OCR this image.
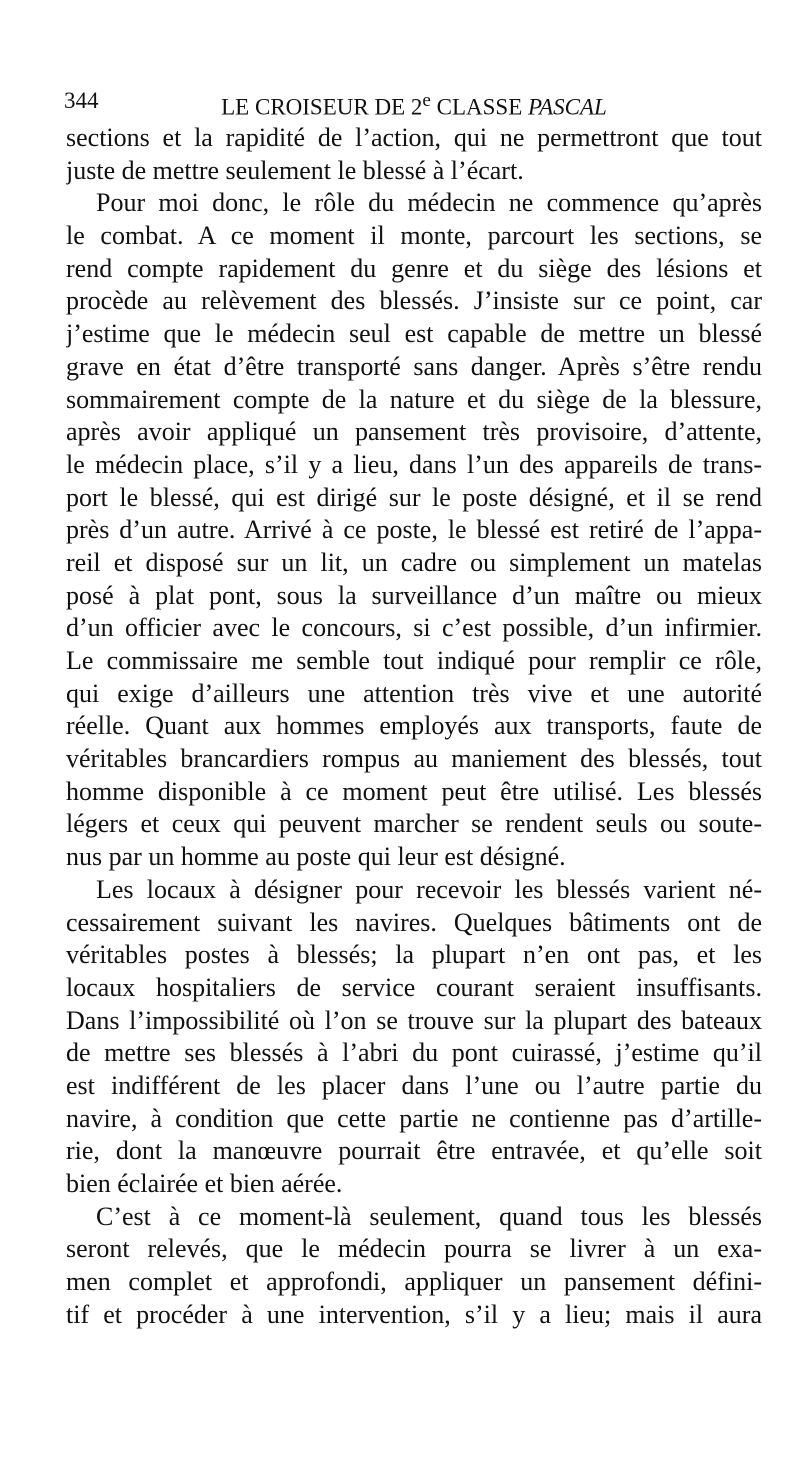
344	LE CROISEUR DE 2e CLASSE PASCAL
sections et la rapidité de l’action, qui ne permettront que tout
juste de mettre seulement le blessé à l’écart.
Pour moi donc, le rôle du médecin ne commence qu’après
le combat. A ce moment il monte, parcourt les sections, se
rend compte rapidement du genre et du siège des lésions et
procède au relèvement des blessés. J’insiste sur ce point, car
j’estime que le médecin seul est capable de mettre un blessé
grave en état d’être transporté sans danger. Après s’être rendu
sommairement compte de la nature et du siège de la blessure,
après avoir appliqué un pansement très provisoire, d’attente,
le médecin place, s’il y a lieu, dans l’un des appareils de trans-
port le blessé, qui est dirigé sur le poste désigné, et il se rend
près d’un autre. Arrivé à ce poste, le blessé est retiré de l’appa-
reil et disposé sur un lit, un cadre ou simplement un matelas
posé à plat pont, sous la surveillance d’un maître ou mieux
d’un officier avec le concours, si c’est possible, d’un infirmier.
Le commissaire me semble tout indiqué pour remplir ce rôle,
qui exige d’ailleurs une attention très vive et une autorité
réelle. Quant aux hommes employés aux transports, faute de
véritables brancardiers rompus au maniement des blessés, tout
homme disponible à ce moment peut être utilisé. Les blessés
légers et ceux qui peuvent marcher se rendent seuls ou soute-
nus par un homme au poste qui leur est désigné.
Les locaux à désigner pour recevoir les blessés varient né-
cessairement suivant les navires. Quelques bâtiments ont de
véritables postes à blessés; la plupart n’en ont pas, et les
locaux hospitaliers de service courant seraient insuffisants.
Dans l’impossibilité où l’on se trouve sur la plupart des bateaux
de mettre ses blessés à l’abri du pont cuirassé, j’estime qu’il
est indifférent de les placer dans l’une ou l’autre partie du
navire, à condition que cette partie ne contienne pas d’artille-
rie, dont la manœuvre pourrait être entravée, et qu’elle soit
bien éclairée et bien aérée.
C’est à ce moment-là seulement, quand tous les blessés
seront relevés, que le médecin pourra se livrer à un exa-
men complet et approfondi, appliquer un pansement défini-
tif et procéder à une intervention, s’il y a lieu; mais il aura
